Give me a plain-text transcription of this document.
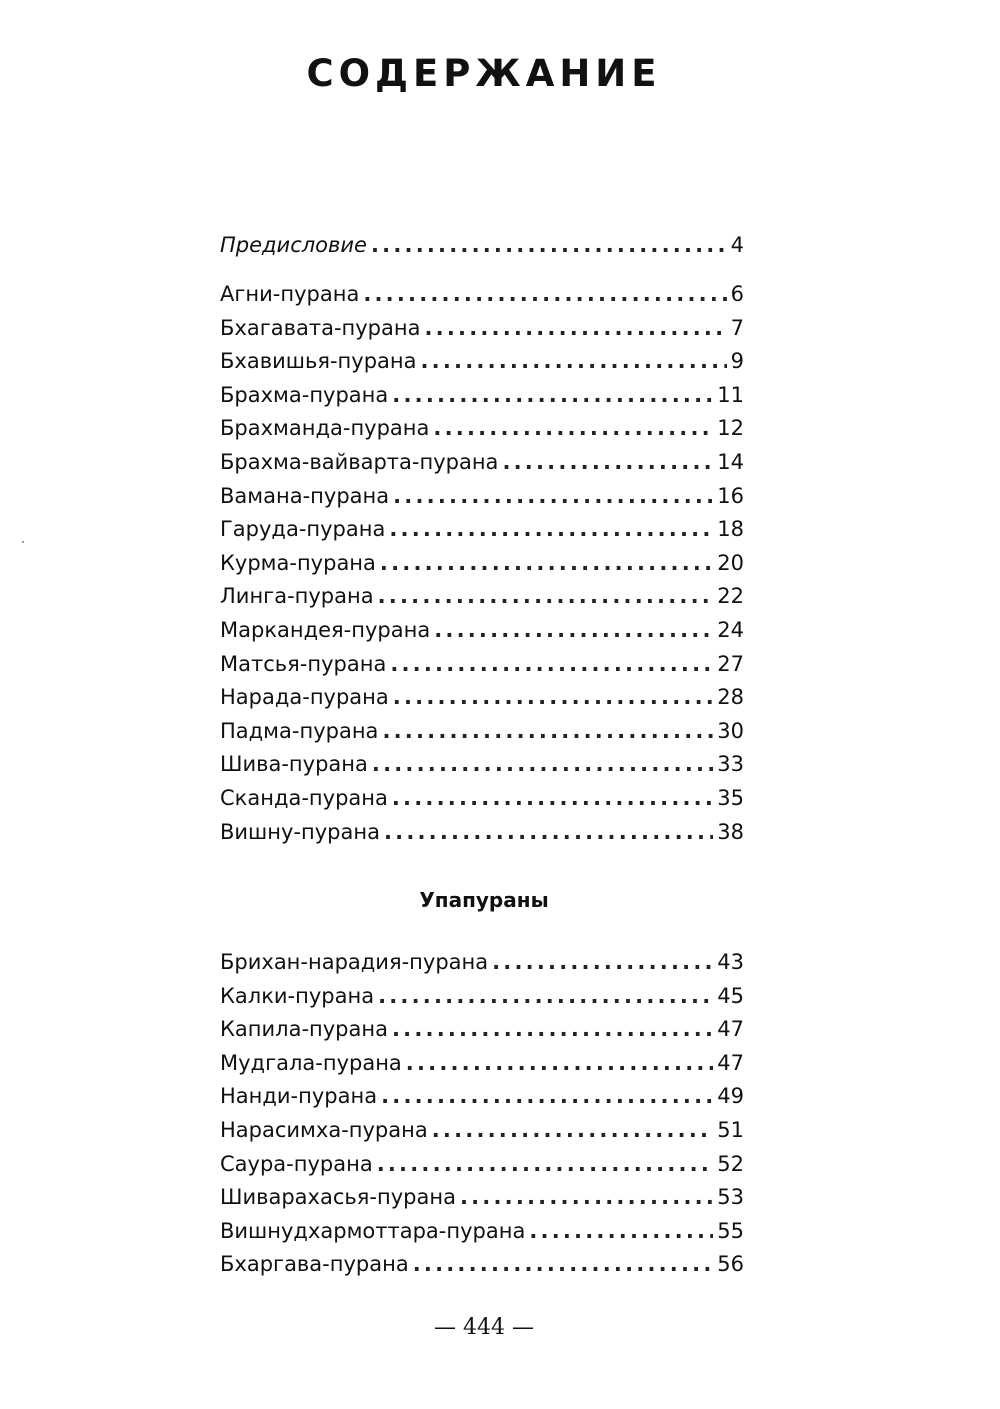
СОДЕРЖАНИЕ
Предисловие .....	4
Агни-пурана .....	6
Бхагавата-пурана .....	7
Бхавишья-пурана .....	9
Брахма-пурана .....	11
Брахманда-пурана .....	12
Брахма-вайварта-пурана .....	14
Вамана-пурана .....	16
Гаруда-пурана .....	18
Курма-пурана .....	20
Линга-пурана .....	22
Маркандея-пурана .....	24
Матсья-пурана .....	27
Нарада-пурана .....	28
Падма-пурана .....	30
Шива-пурана .....	33
Сканда-пурана .....	35
Вишну-пурана .....	38
Упапураны
Брихан-нарадия-пурана .....	43
Калки-пурана .....	45
Капила-пурана .....	47
Мудгала-пурана .....	47
Нанди-пурана .....	49
Нарасимха-пурана .....	51
Саура-пурана .....	52
Шиварахасья-пурана .....	53
Вишнудхармоттара-пурана .....	55
Бхаргава-пурана .....	56
— 444 —
